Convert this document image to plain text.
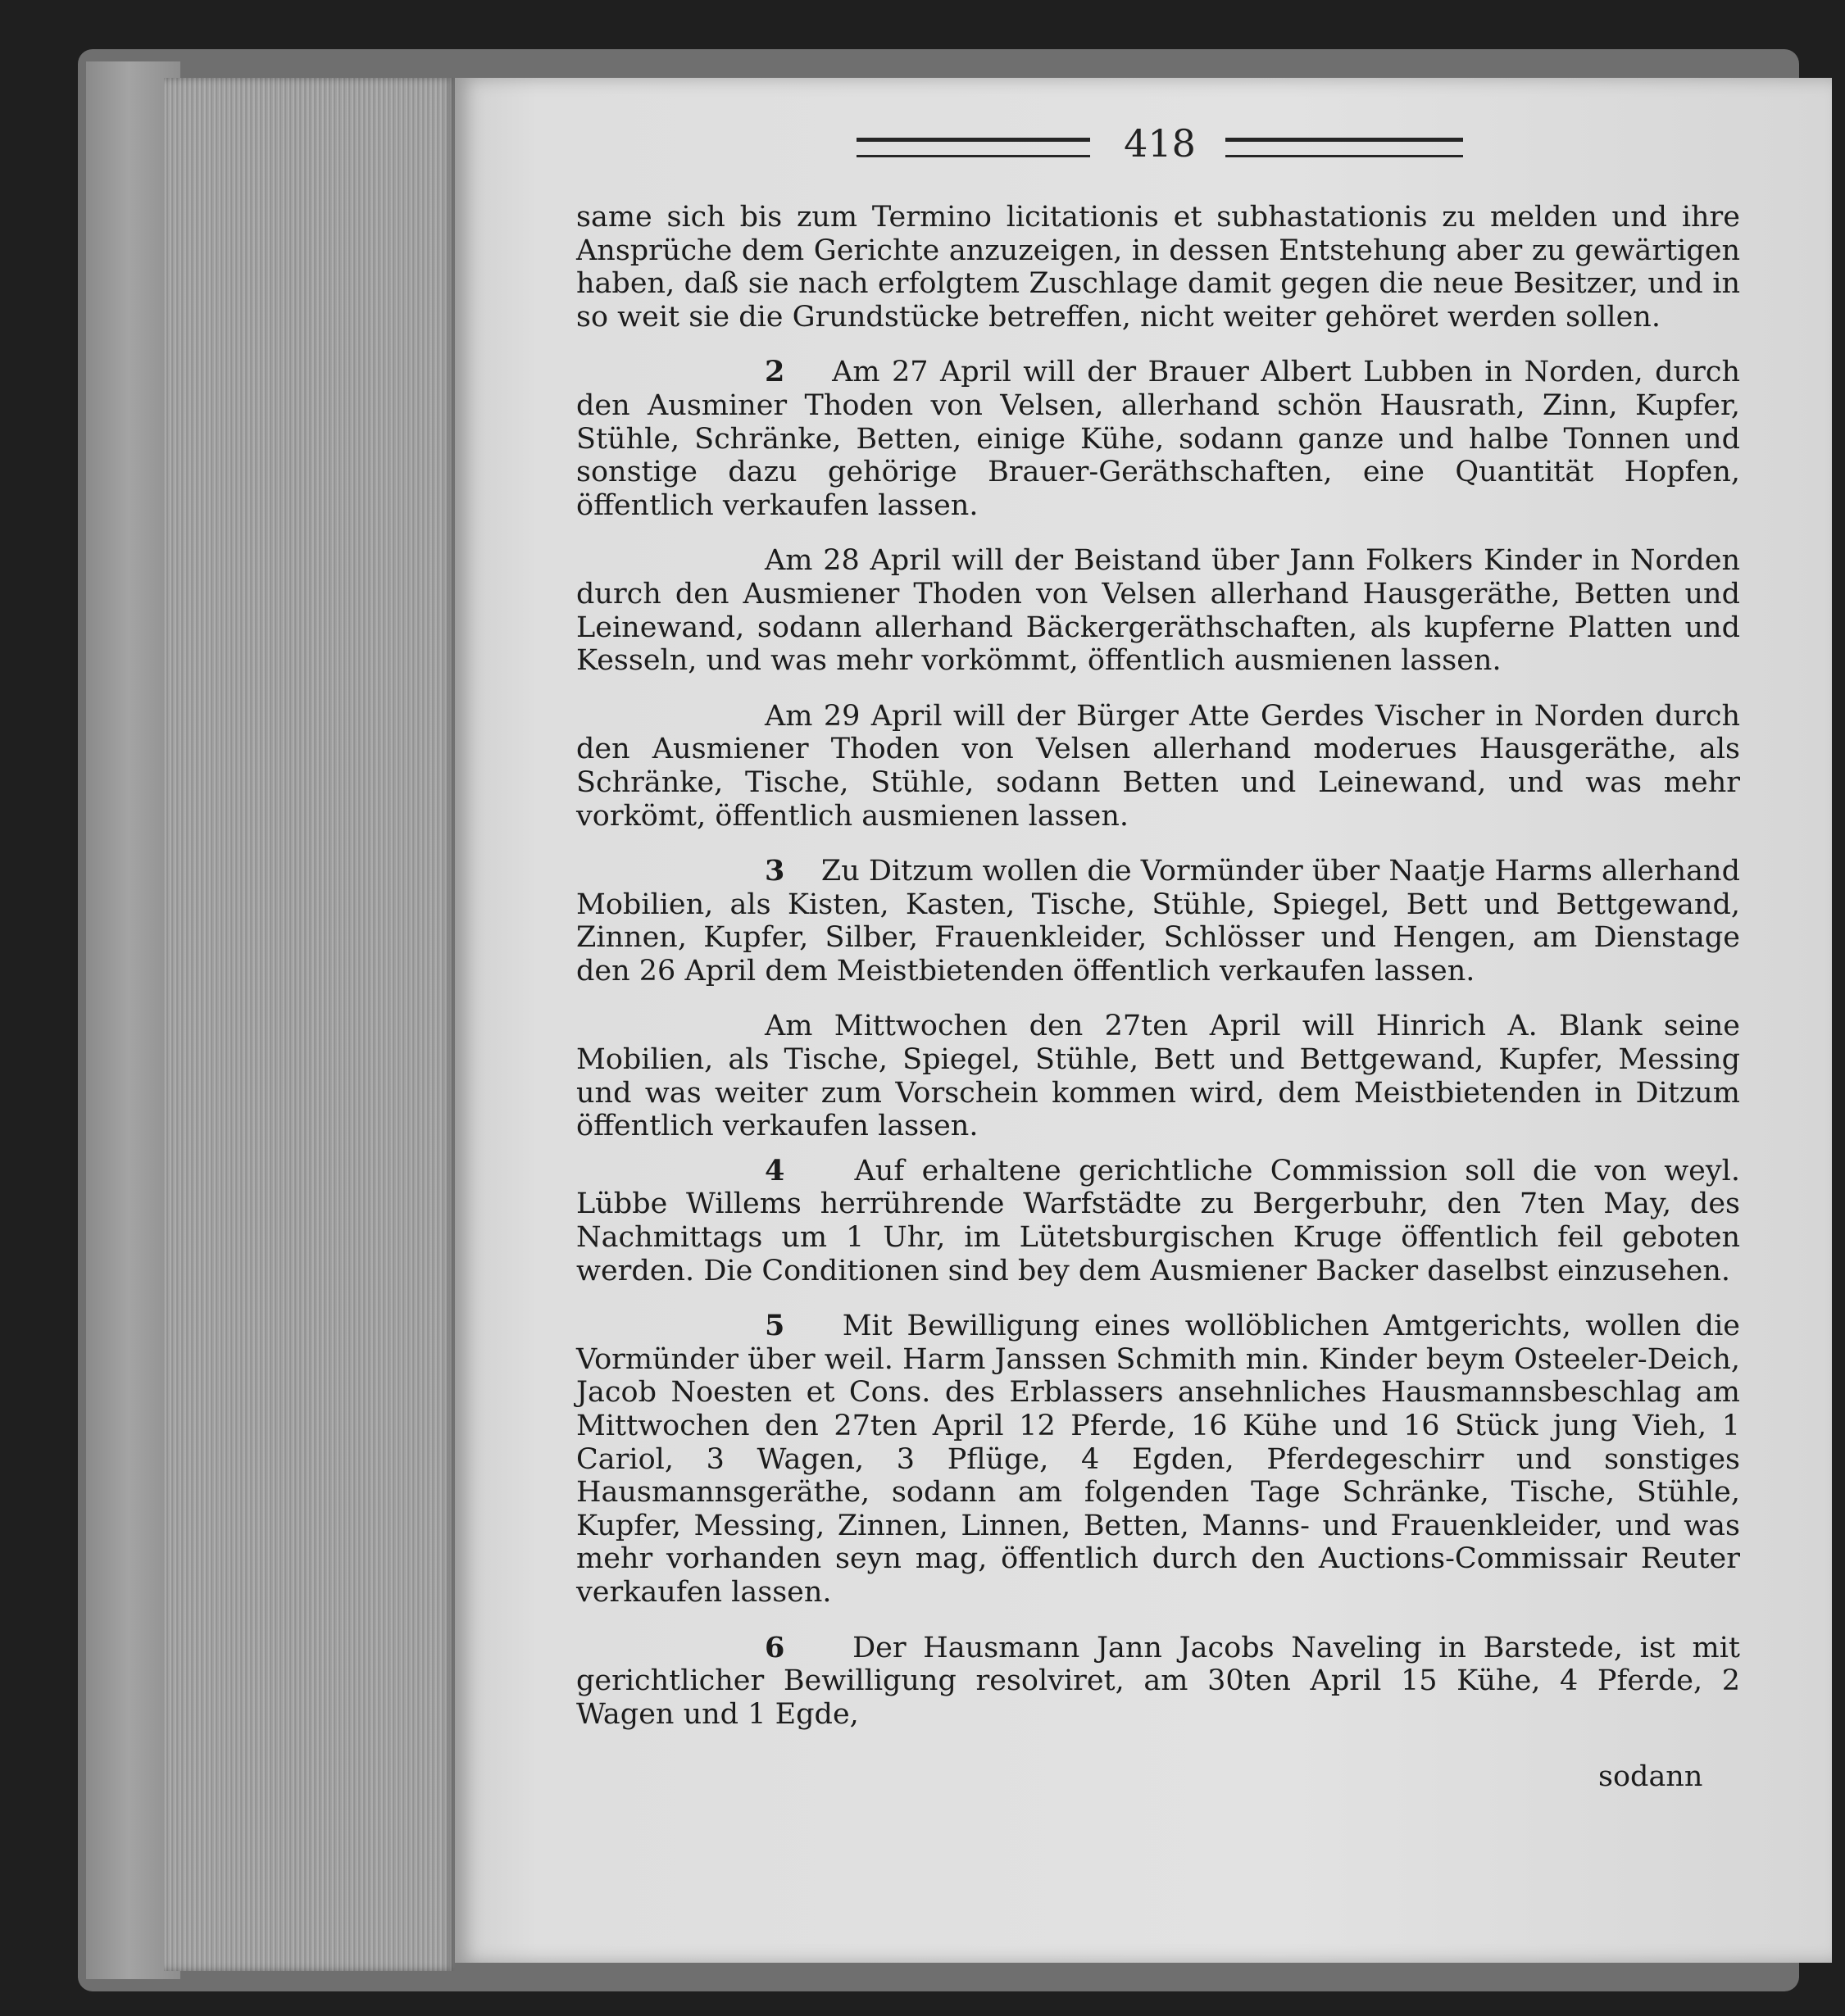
418

same sich bis zum Termino licitationis et subhastationis zu melden und ihre Ansprüche dem Gerichte anzuzeigen, in dessen Entstehung aber zu gewärtigen haben, daß sie nach erfolgtem Zuschlage damit gegen die neue Besitzer, und in so weit sie die Grundstücke betreffen, nicht weiter gehöret werden sollen.

2 Am 27 April will der Brauer Albert Lubben in Norden, durch den Ausminer Thoden von Velsen, allerhand schön Hausrath, Zinn, Kupfer, Stühle, Schränke, Betten, einige Kühe, sodann ganze und halbe Tonnen und sonstige dazu gehörige Brauer-Geräthschaften, eine Quantität Hopfen, öffentlich verkaufen lassen.

Am 28 April will der Beistand über Jann Folkers Kinder in Norden durch den Ausmiener Thoden von Velsen allerhand Hausgeräthe, Betten und Leinewand, sodann allerhand Bäckergeräthschaften, als kupferne Platten und Kesseln, und was mehr vorkömmt, öffentlich ausmienen lassen.

Am 29 April will der Bürger Atte Gerdes Vischer in Norden durch den Ausmiener Thoden von Velsen allerhand moderues Hausgeräthe, als Schränke, Tische, Stühle, sodann Betten und Leinewand, und was mehr vorkömt, öffentlich ausmienen lassen.

3 Zu Ditzum wollen die Vormünder über Naatje Harms allerhand Mobilien, als Kisten, Kasten, Tische, Stühle, Spiegel, Bett und Bettgewand, Zinnen, Kupfer, Silber, Frauenkleider, Schlösser und Hengen, am Dienstage den 26 April dem Meistbietenden öffentlich verkaufen lassen.

Am Mittwochen den 27ten April will Hinrich A. Blank seine Mobilien, als Tische, Spiegel, Stühle, Bett und Bettgewand, Kupfer, Messing und was weiter zum Vorschein kommen wird, dem Meistbietenden in Ditzum öffentlich verkaufen lassen.

4 Auf erhaltene gerichtliche Commission soll die von weyl. Lübbe Willems herrührende Warfstädte zu Bergerbuhr, den 7ten May, des Nachmittags um 1 Uhr, im Lütetsburgischen Kruge öffentlich feil geboten werden. Die Conditionen sind bey dem Ausmiener Backer daselbst einzusehen.

5 Mit Bewilligung eines wollöblichen Amtgerichts, wollen die Vormünder über weil. Harm Janssen Schmith min. Kinder beym Osteeler-Deich, Jacob Noesten et Cons. des Erblassers ansehnliches Hausmannsbeschlag am Mittwochen den 27ten April 12 Pferde, 16 Kühe und 16 Stück jung Vieh, 1 Cariol, 3 Wagen, 3 Pflüge, 4 Egden, Pferdegeschirr und sonstiges Hausmannsgeräthe, sodann am folgenden Tage Schränke, Tische, Stühle, Kupfer, Messing, Zinnen, Linnen, Betten, Manns- und Frauenkleider, und was mehr vorhanden seyn mag, öffentlich durch den Auctions-Commissair Reuter verkaufen lassen.

6 Der Hausmann Jann Jacobs Naveling in Barstede, ist mit gerichtlicher Bewilligung resolviret, am 30ten April 15 Kühe, 4 Pferde, 2 Wagen und 1 Egde,

sodann
